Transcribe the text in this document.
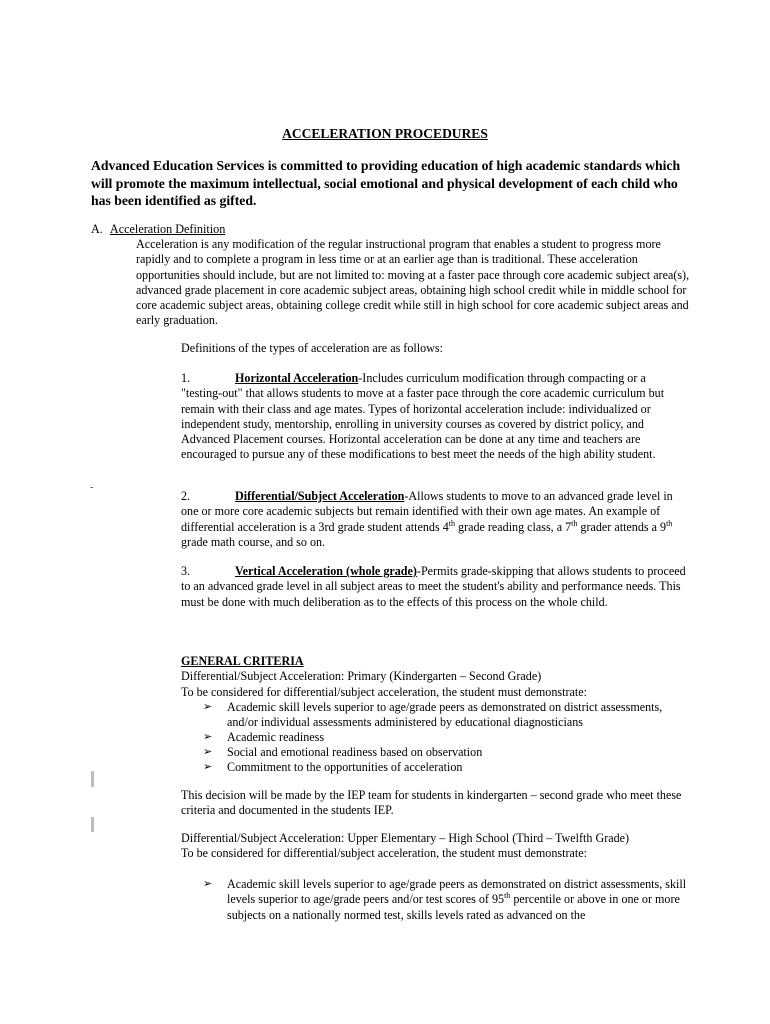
ACCELERATION PROCEDURES

Advanced Education Services is committed to providing education of high academic standards which will promote the maximum intellectual, social emotional and physical development of each child who has been identified as gifted.

A. Acceleration Definition

Acceleration is any modification of the regular instructional program that enables a student to progress more rapidly and to complete a program in less time or at an earlier age than is traditional. These acceleration opportunities should include, but are not limited to: moving at a faster pace through core academic subject area(s), advanced grade placement in core academic subject areas, obtaining high school credit while in middle school for core academic subject areas, obtaining college credit while still in high school for core academic subject areas and early graduation.

Definitions of the types of acceleration are as follows:

1.	Horizontal Acceleration-Includes curriculum modification through compacting or a "testing-out" that allows students to move at a faster pace through the core academic curriculum but remain with their class and age mates. Types of horizontal acceleration include: individualized or independent study, mentorship, enrolling in university courses as covered by district policy, and Advanced Placement courses. Horizontal acceleration can be done at any time and teachers are encouraged to pursue any of these modifications to best meet the needs of the high ability student.

-

2.	Differential/Subject Acceleration-Allows students to move to an advanced grade level in one or more core academic subjects but remain identified with their own age mates. An example of differential acceleration is a 3rd grade student attends 4th grade reading class, a 7th grader attends a 9th grade math course, and so on.

3.	Vertical Acceleration (whole grade)-Permits grade-skipping that allows students to proceed to an advanced grade level in all subject areas to meet the student's ability and performance needs. This must be done with much deliberation as to the effects of this process on the whole child.

GENERAL CRITERIA
Differential/Subject Acceleration: Primary (Kindergarten – Second Grade)
To be considered for differential/subject acceleration, the student must demonstrate:
➢ Academic skill levels superior to age/grade peers as demonstrated on district assessments, and/or individual assessments administered by educational diagnosticians
➢ Academic readiness
➢ Social and emotional readiness based on observation
➢ Commitment to the opportunities of acceleration

This decision will be made by the IEP team for students in kindergarten – second grade who meet these criteria and documented in the students IEP.

Differential/Subject Acceleration: Upper Elementary – High School (Third – Twelfth Grade)
To be considered for differential/subject acceleration, the student must demonstrate:
➢ Academic skill levels superior to age/grade peers as demonstrated on district assessments, skill levels superior to age/grade peers and/or test scores of 95th percentile or above in one or more subjects on a nationally normed test, skills levels rated as advanced on the
